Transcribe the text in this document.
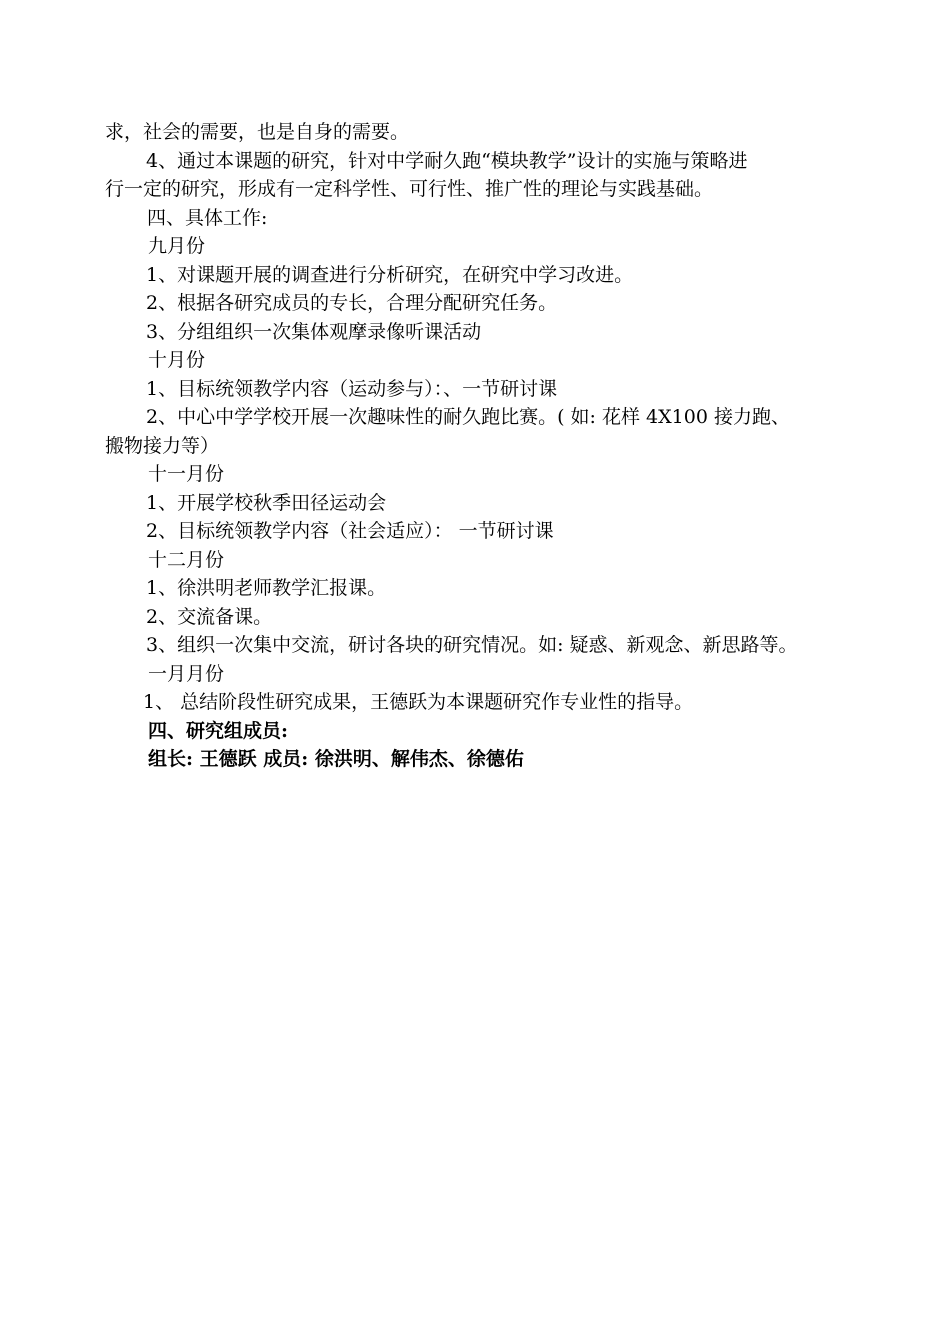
求，社会的需要，也是自身的需要。
4、通过本课题的研究，针对中学耐久跑“模块教学”设计的实施与策略进
行一定的研究，形成有一定科学性、可行性、推广性的理论与实践基础。
四、具体工作:
九月份
1、对课题开展的调查进行分析研究，在研究中学习改进。
2、根据各研究成员的专长，合理分配研究任务。
3、分组组织一次集体观摩录像听课活动
十月份
1、目标统领教学内容（运动参与）：、一节研讨课
2、中心中学学校开展一次趣味性的耐久跑比赛。( 如: 花样 4X100 接力跑、
搬物接力等）
十一月份
1、开展学校秋季田径运动会
2、目标统领教学内容（社会适应）： 一节研讨课
十二月份
1、徐洪明老师教学汇报课。
2、交流备课。
3、组织一次集中交流，研讨各块的研究情况。如: 疑惑、新观念、新思路等。
一月月份
1、 总结阶段性研究成果，王德跃为本课题研究作专业性的指导。
四、研究组成员:
组长: 王德跃 成员: 徐洪明、解伟杰、徐德佑
